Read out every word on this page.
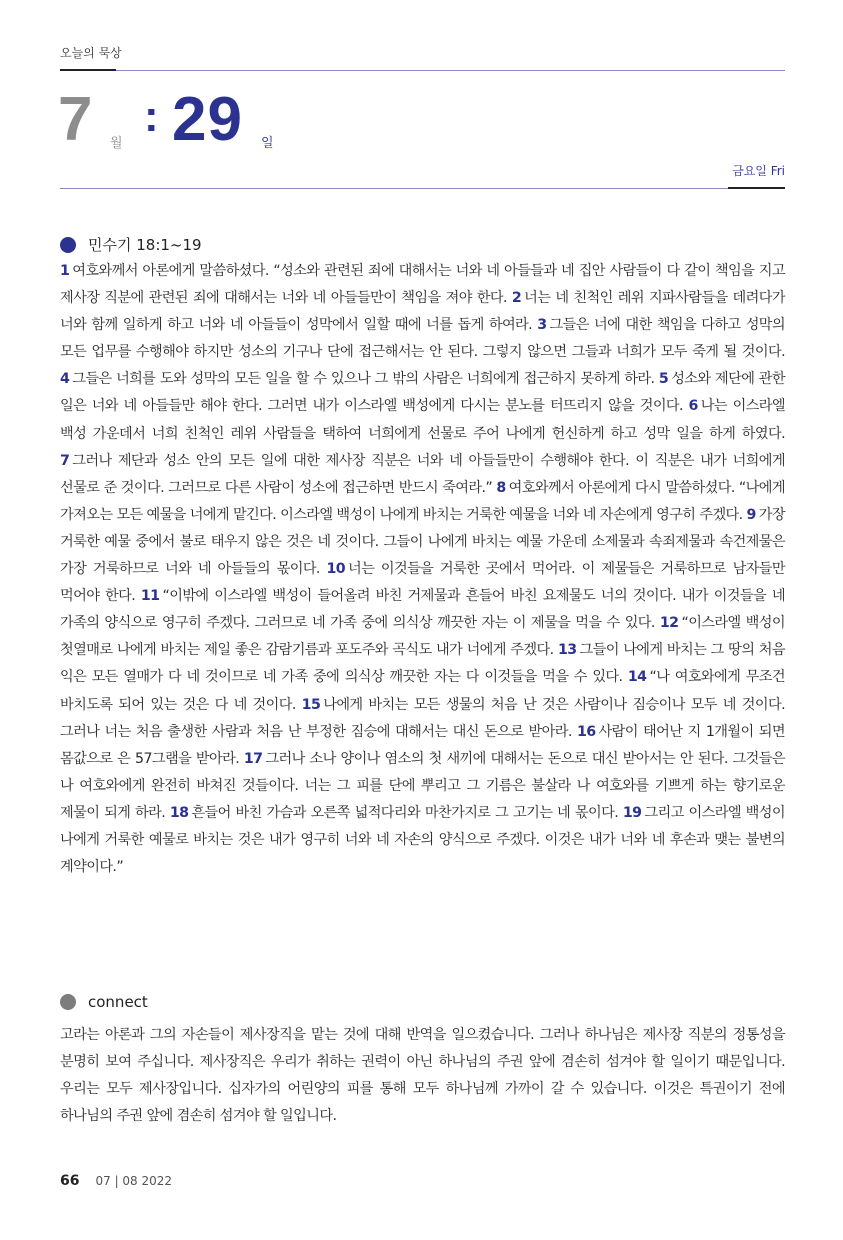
오늘의 묵상
7 월
: 29 일
금요일 Fri
민수기 18:1~19
1 여호와께서 아론에게 말씀하셨다. “성소와 관련된 죄에 대해서는 너와 네 아들들과 네 집안 사람들이 다 같이 책임을 지고 제사장 직분에 관련된 죄에 대해서는 너와 네 아들들만이 책임을 져야 한다. 2 너는 네 친척인 레위 지파사람들을 데려다가 너와 함께 일하게 하고 너와 네 아들들이 성막에서 일할 때에 너를 돕게 하여라. 3 그들은 너에 대한 책임을 다하고 성막의 모든 업무를 수행해야 하지만 성소의 기구나 단에 접근해서는 안 된다. 그렇지 않으면 그들과 너희가 모두 죽게 될 것이다. 4 그들은 너희를 도와 성막의 모든 일을 할 수 있으나 그 밖의 사람은 너희에게 접근하지 못하게 하라. 5 성소와 제단에 관한 일은 너와 네 아들들만 해야 한다. 그러면 내가 이스라엘 백성에게 다시는 분노를 터뜨리지 않을 것이다. 6 나는 이스라엘 백성 가운데서 너희 친척인 레위 사람들을 택하여 너희에게 선물로 주어 나에게 헌신하게 하고 성막 일을 하게 하였다. 7 그러나 제단과 성소 안의 모든 일에 대한 제사장 직분은 너와 네 아들들만이 수행해야 한다. 이 직분은 내가 너희에게 선물로 준 것이다. 그러므로 다른 사람이 성소에 접근하면 반드시 죽여라.” 8 여호와께서 아론에게 다시 말씀하셨다. “나에게 가져오는 모든 예물을 너에게 맡긴다. 이스라엘 백성이 나에게 바치는 거룩한 예물을 너와 네 자손에게 영구히 주겠다. 9 가장 거룩한 예물 중에서 불로 태우지 않은 것은 네 것이다. 그들이 나에게 바치는 예물 가운데 소제물과 속죄제물과 속건제물은 가장 거룩하므로 너와 네 아들들의 몫이다. 10 너는 이것들을 거룩한 곳에서 먹어라. 이 제물들은 거룩하므로 남자들만 먹어야 한다. 11 “이밖에 이스라엘 백성이 들어올려 바친 거제물과 흔들어 바친 요제물도 너의 것이다. 내가 이것들을 네 가족의 양식으로 영구히 주겠다. 그러므로 네 가족 중에 의식상 깨끗한 자는 이 제물을 먹을 수 있다. 12 “이스라엘 백성이 첫열매로 나에게 바치는 제일 좋은 감람기름과 포도주와 곡식도 내가 너에게 주겠다. 13 그들이 나에게 바치는 그 땅의 처음 익은 모든 열매가 다 네 것이므로 네 가족 중에 의식상 깨끗한 자는 다 이것들을 먹을 수 있다. 14 “나 여호와에게 무조건 바치도록 되어 있는 것은 다 네 것이다. 15 나에게 바치는 모든 생물의 처음 난 것은 사람이나 짐승이나 모두 네 것이다. 그러나 너는 처음 출생한 사람과 처음 난 부정한 짐승에 대해서는 대신 돈으로 받아라. 16 사람이 태어난 지 1개월이 되면 몸값으로 은 57그램을 받아라. 17 그러나 소나 양이나 염소의 첫 새끼에 대해서는 돈으로 대신 받아서는 안 된다. 그것들은 나 여호와에게 완전히 바쳐진 것들이다. 너는 그 피를 단에 뿌리고 그 기름은 불살라 나 여호와를 기쁘게 하는 향기로운 제물이 되게 하라. 18 흔들어 바친 가슴과 오른쪽 넓적다리와 마찬가지로 그 고기는 네 몫이다. 19 그리고 이스라엘 백성이 나에게 거룩한 예물로 바치는 것은 내가 영구히 너와 네 자손의 양식으로 주겠다. 이것은 내가 너와 네 후손과 맺는 불변의 계약이다.”
connect
고라는 아론과 그의 자손들이 제사장직을 맡는 것에 대해 반역을 일으켰습니다. 그러나 하나님은 제사장 직분의 정통성을 분명히 보여 주십니다. 제사장직은 우리가 취하는 권력이 아닌 하나님의 주권 앞에 겸손히 섬겨야 할 일이기 때문입니다. 우리는 모두 제사장입니다. 십자가의 어린양의 피를 통해 모두 하나님께 가까이 갈 수 있습니다. 이것은 특권이기 전에 하나님의 주권 앞에 겸손히 섬겨야 할 일입니다.
66 07 | 08 2022
